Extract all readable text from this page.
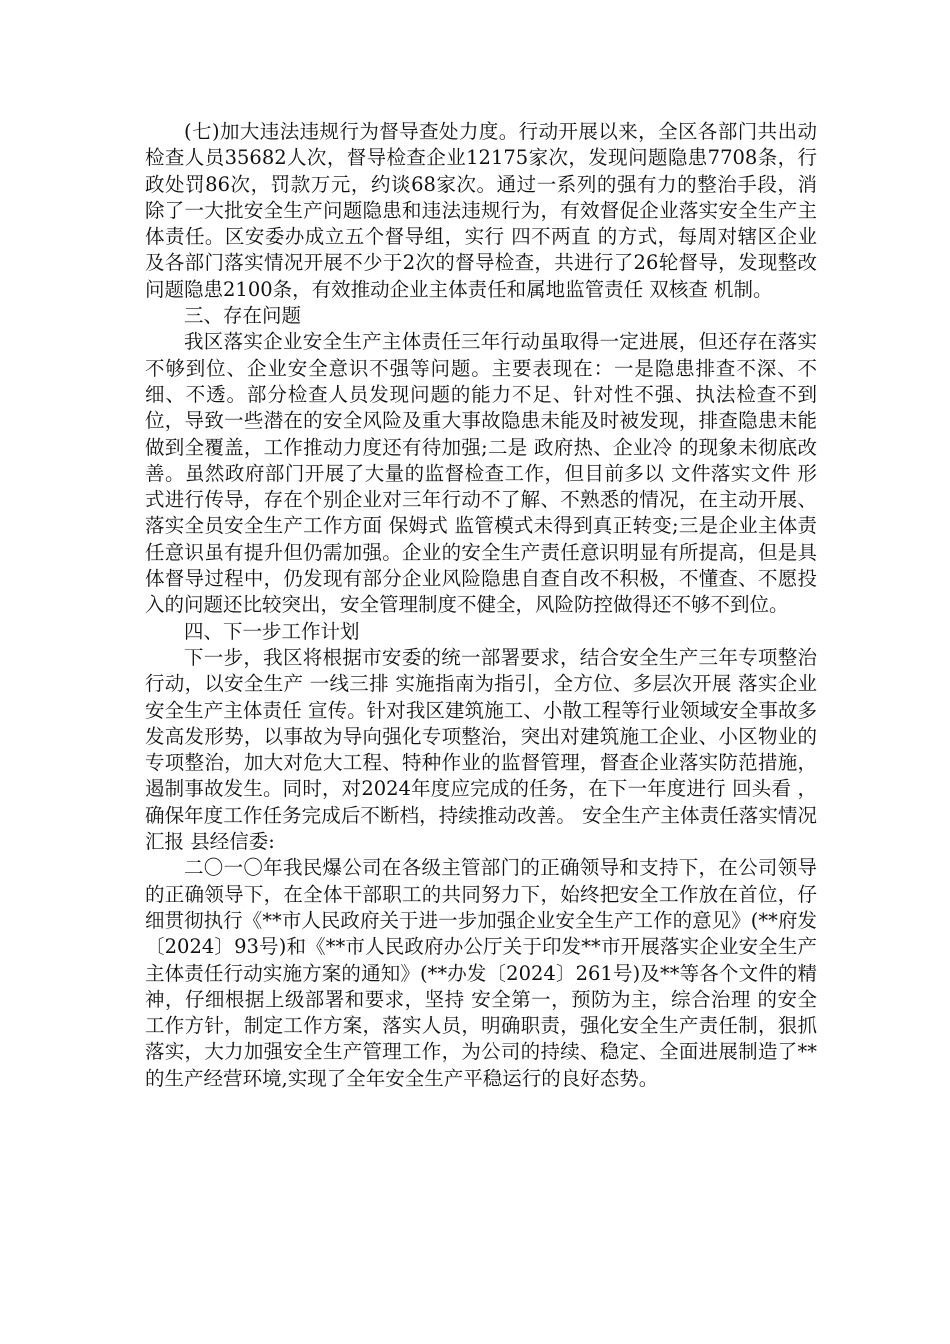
(七)加大违法违规行为督导查处力度。行动开展以来，全区各部门共出动检查人员35682人次，督导检查企业12175家次，发现问题隐患7708条，行政处罚86次，罚款万元，约谈68家次。通过一系列的强有力的整治手段，消除了一大批安全生产问题隐患和违法违规行为，有效督促企业落实安全生产主体责任。区安委办成立五个督导组，实行 四不两直 的方式，每周对辖区企业及各部门落实情况开展不少于2次的督导检查，共进行了26轮督导，发现整改问题隐患2100条，有效推动企业主体责任和属地监管责任 双核查 机制。

三、存在问题

我区落实企业安全生产主体责任三年行动虽取得一定进展，但还存在落实不够到位、企业安全意识不强等问题。主要表现在：一是隐患排查不深、不细、不透。部分检查人员发现问题的能力不足、针对性不强、执法检查不到位，导致一些潜在的安全风险及重大事故隐患未能及时被发现，排查隐患未能做到全覆盖，工作推动力度还有待加强;二是 政府热、企业冷 的现象未彻底改善。虽然政府部门开展了大量的监督检查工作，但目前多以 文件落实文件 形式进行传导，存在个别企业对三年行动不了解、不熟悉的情况，在主动开展、落实全员安全生产工作方面 保姆式 监管模式未得到真正转变;三是企业主体责任意识虽有提升但仍需加强。企业的安全生产责任意识明显有所提高，但是具体督导过程中，仍发现有部分企业风险隐患自查自改不积极，不懂查、不愿投入的问题还比较突出，安全管理制度不健全，风险防控做得还不够不到位。

四、下一步工作计划

下一步，我区将根据市安委的统一部署要求，结合安全生产三年专项整治行动，以安全生产 一线三排 实施指南为指引，全方位、多层次开展 落实企业安全生产主体责任 宣传。针对我区建筑施工、小散工程等行业领域安全事故多发高发形势，以事故为导向强化专项整治，突出对建筑施工企业、小区物业的专项整治，加大对危大工程、特种作业的监督管理，督查企业落实防范措施，遏制事故发生。同时，对2024年度应完成的任务，在下一年度进行 回头看 ，确保年度工作任务完成后不断档，持续推动改善。 安全生产主体责任落实情况汇报 县经信委:

二〇一〇年我民爆公司在各级主管部门的正确领导和支持下，在公司领导的正确领导下，在全体干部职工的共同努力下，始终把安全工作放在首位，仔细贯彻执行《**市人民政府关于进一步加强企业安全生产工作的意见》(**府发〔2024〕93号)和《**市人民政府办公厅关于印发**市开展落实企业安全生产主体责任行动实施方案的通知》(**办发〔2024〕261号)及**等各个文件的精神，仔细根据上级部署和要求，坚持 安全第一，预防为主，综合治理 的安全工作方针，制定工作方案，落实人员，明确职责，强化安全生产责任制，狠抓落实，大力加强安全生产管理工作，为公司的持续、稳定、全面进展制造了**的生产经营环境,实现了全年安全生产平稳运行的良好态势。
